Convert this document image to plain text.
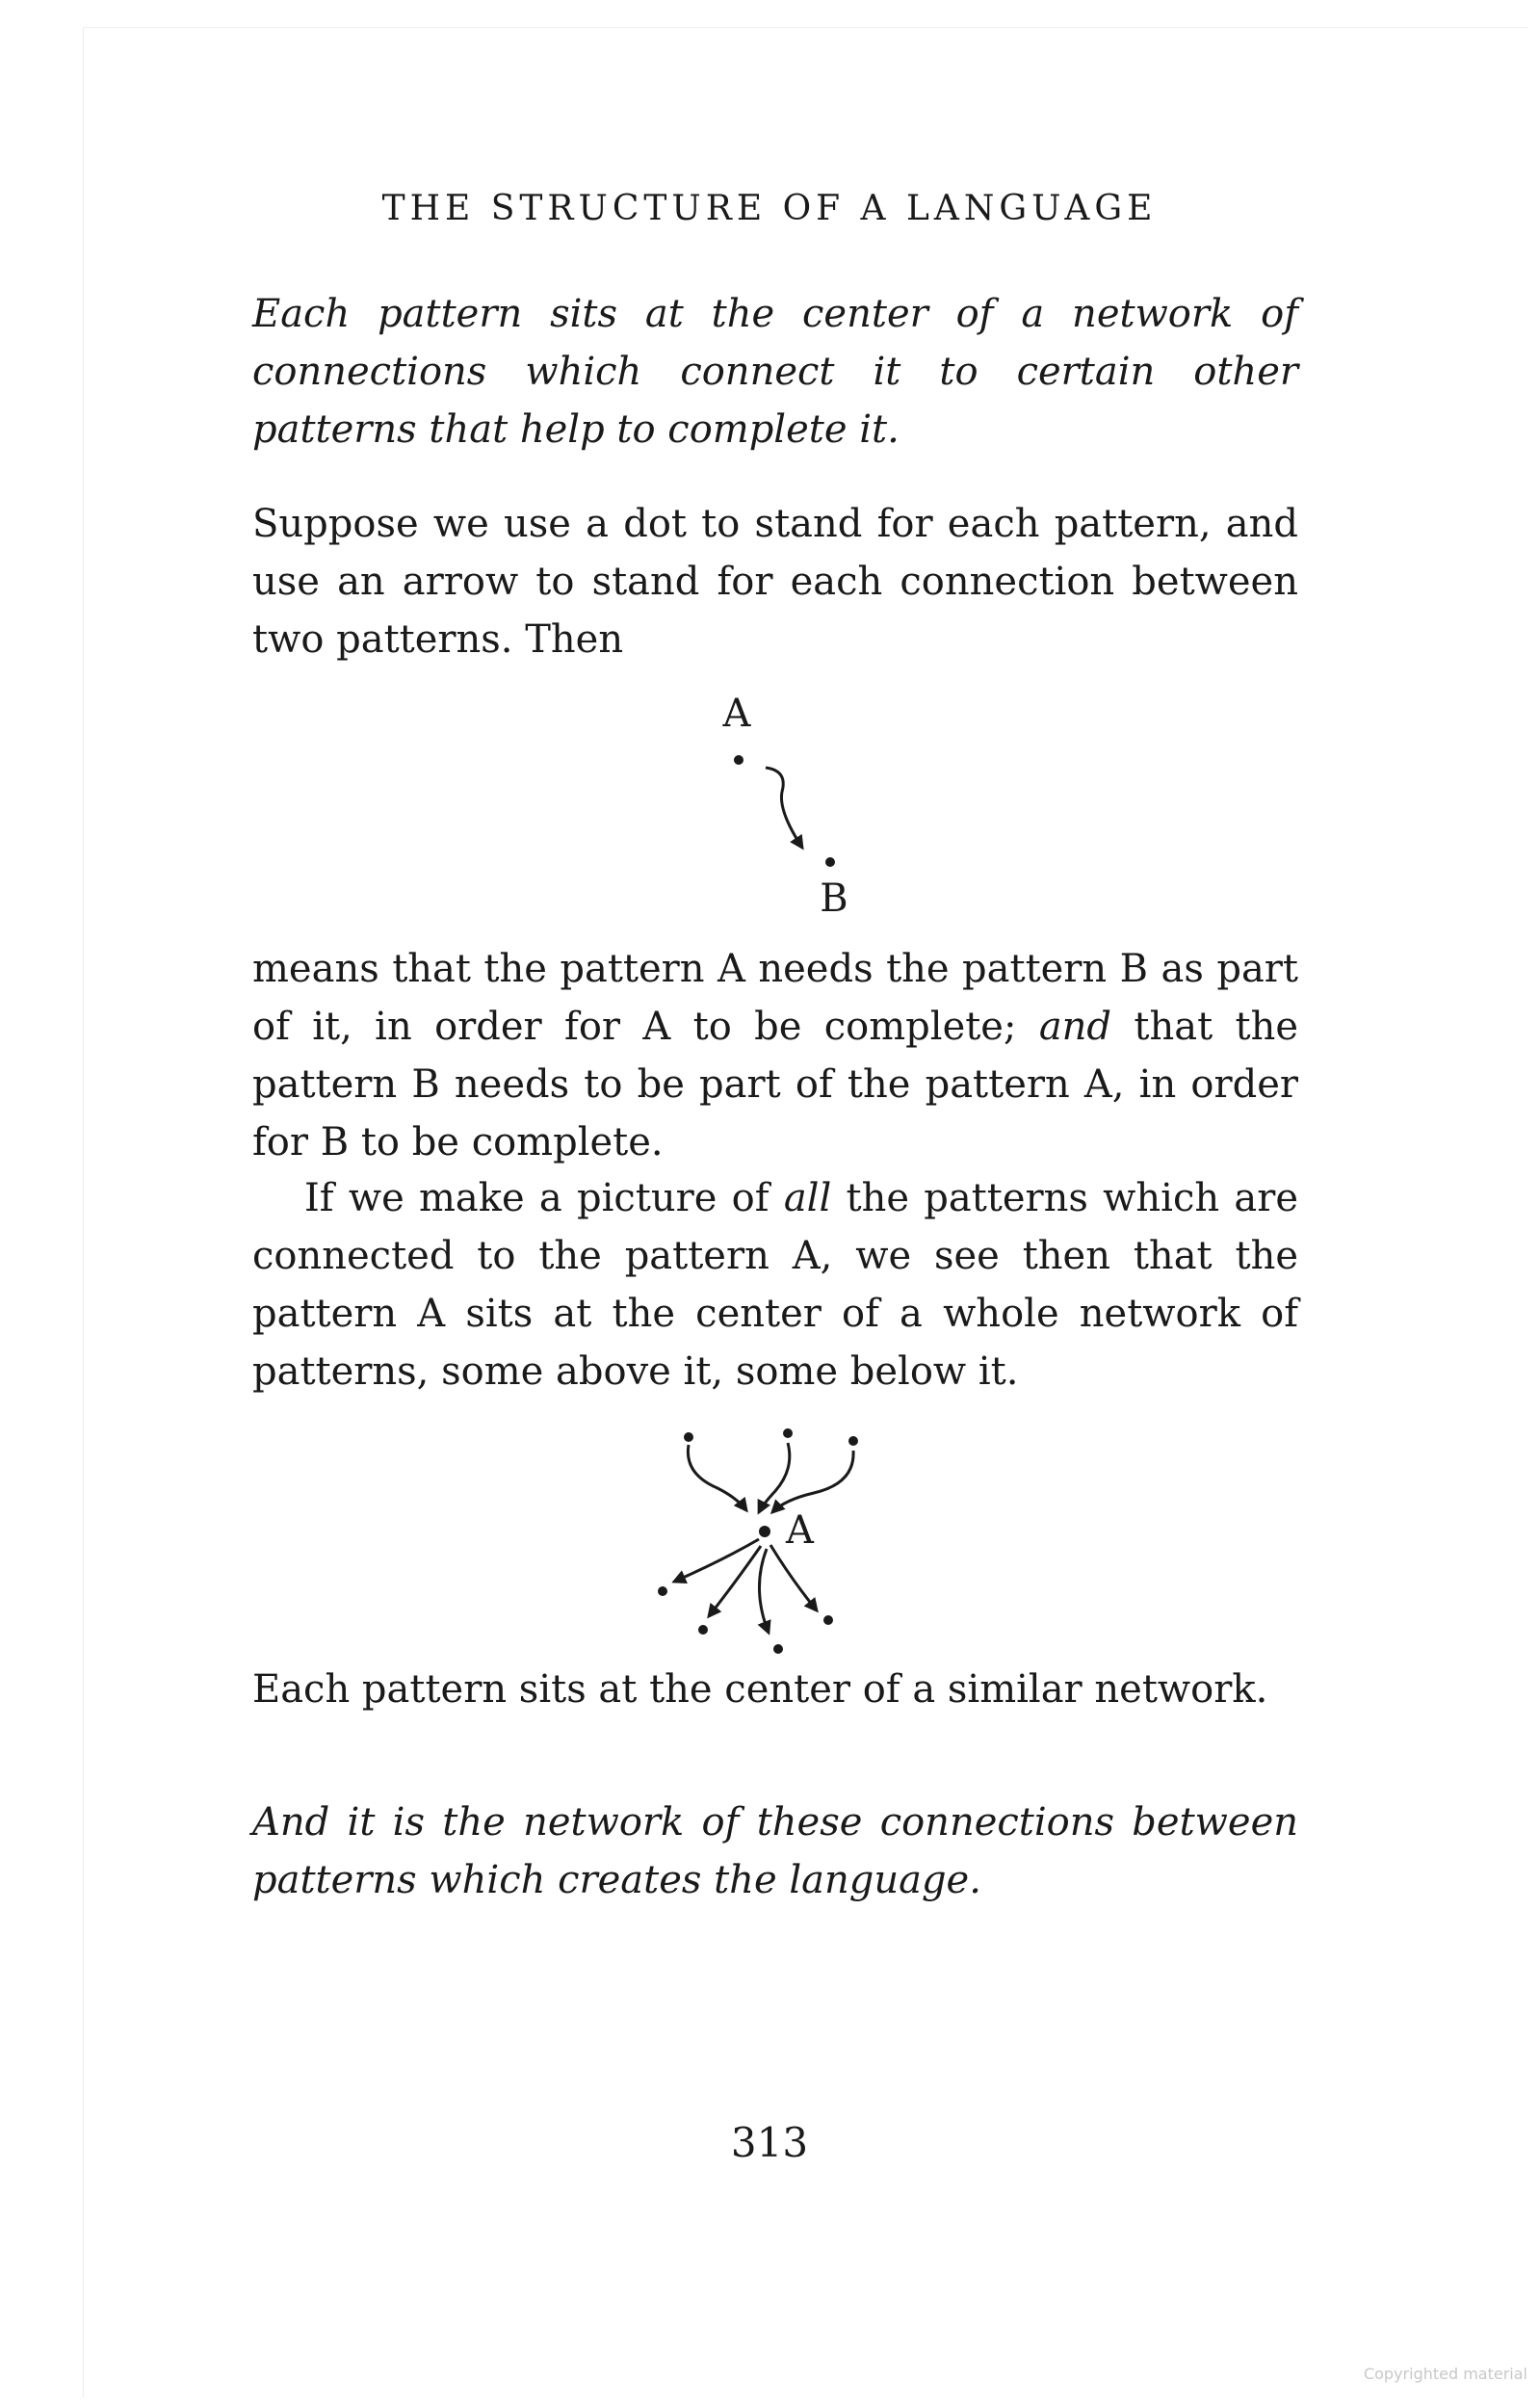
THE STRUCTURE OF A LANGUAGE

Each pattern sits at the center of a network of connections which connect it to certain other patterns that help to complete it.

Suppose we use a dot to stand for each pattern, and use an arrow to stand for each connection between two patterns. Then

A
B

means that the pattern A needs the pattern B as part of it, in order for A to be complete; and that the pattern B needs to be part of the pattern A, in order for B to be complete.

If we make a picture of all the patterns which are connected to the pattern A, we see then that the pattern A sits at the center of a whole network of patterns, some above it, some below it.

A

Each pattern sits at the center of a similar network.

And it is the network of these connections between patterns which creates the language.

313
Copyrighted material
